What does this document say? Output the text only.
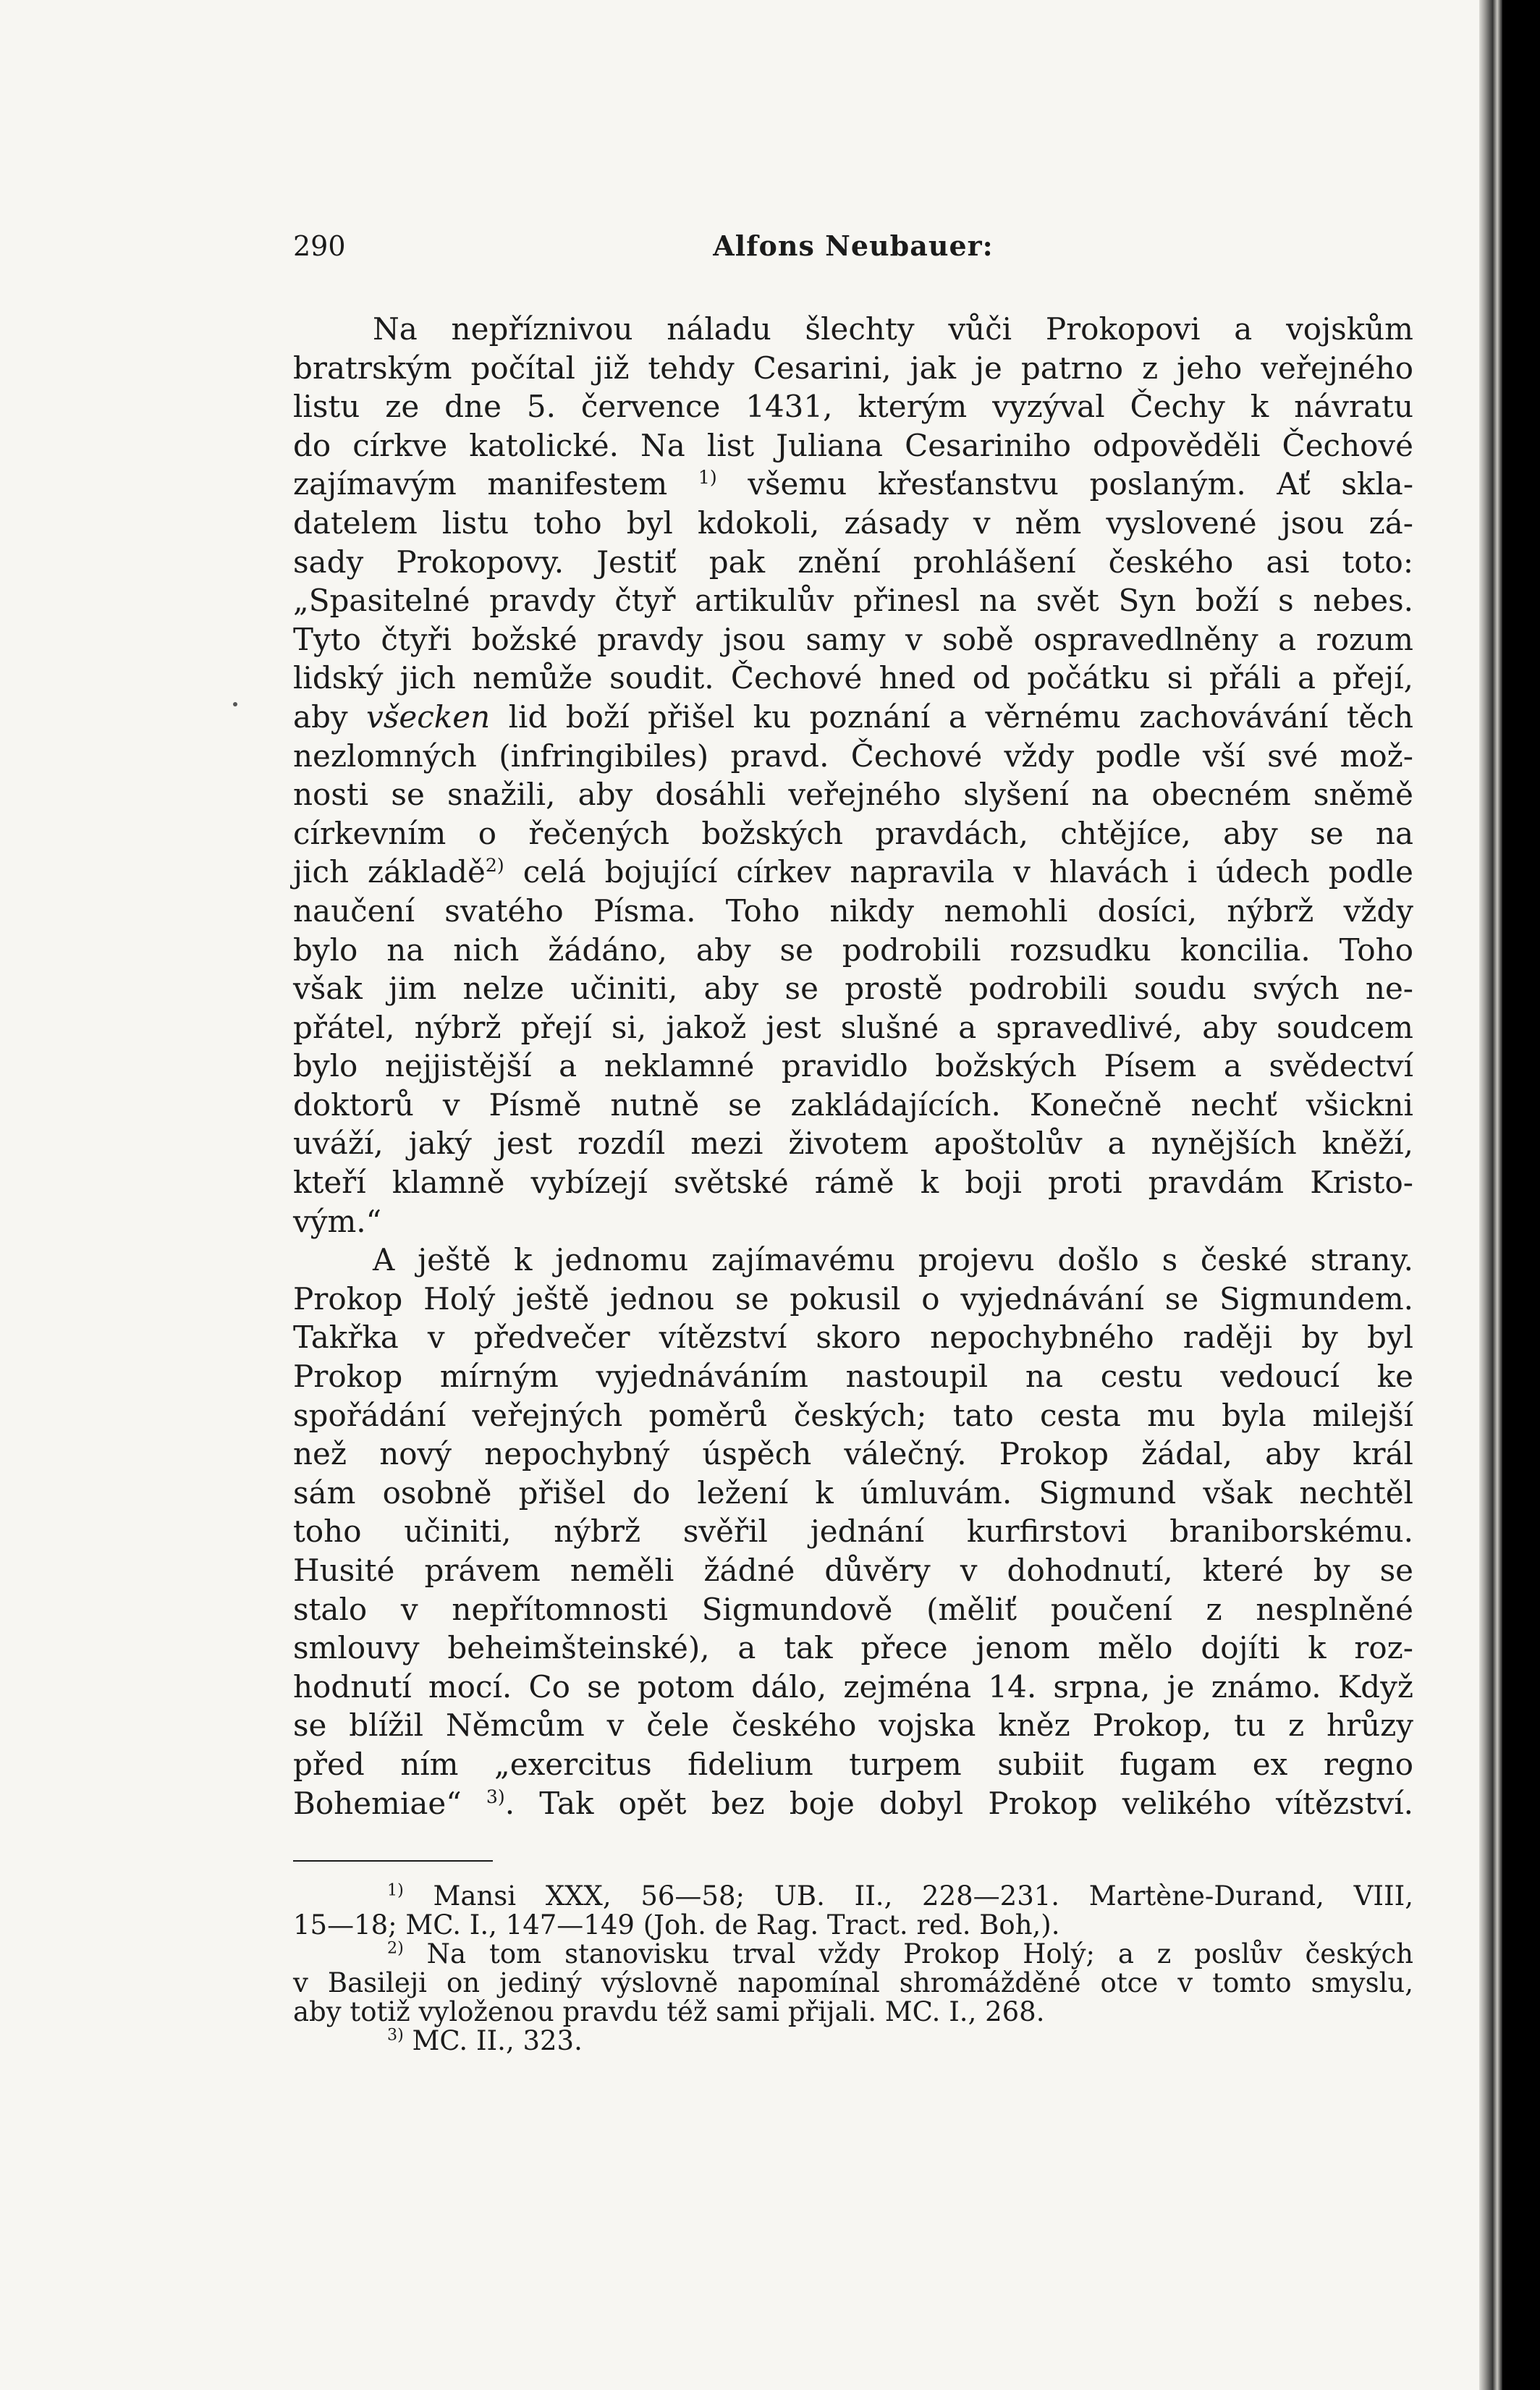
290	Alfons Neubauer:
Na nepříznivou náladu šlechty vůči Prokopovi a vojskům
bratrským počítal již tehdy Cesarini, jak je patrno z jeho veřejného
listu ze dne 5. července 1431, kterým vyzýval Čechy k návratu
do církve katolické. Na list Juliana Cesariniho odpověděli Čechové
zajímavým manifestem $^{1)}$ všemu křesťanstvu poslaným. Ať skla-
datelem listu toho byl kdokoli, zásady v něm vyslovené jsou zá-
sady Prokopovy. Jestiť pak znění prohlášení českého asi toto:
„Spasitelné pravdy čtyř artikulův přinesl na svět Syn boží s nebes.
Tyto čtyři božské pravdy jsou samy v sobě ospravedlněny a rozum
lidský jich nemůže soudit. Čechové hned od počátku si přáli a přejí,
aby všecken lid boží přišel ku poznání a věrnému zachovávání těch
nezlomných (infringibiles) pravd. Čechové vždy podle vší své mož-
nosti se snažili, aby dosáhli veřejného slyšení na obecném sněmě
církevním o řečených božských pravdách, chtějíce, aby se na
jich základě$^{2)}$ celá bojující církev napravila v hlavách i údech podle
naučení svatého Písma. Toho nikdy nemohli dosíci, nýbrž vždy
bylo na nich žádáno, aby se podrobili rozsudku koncilia. Toho
však jim nelze učiniti, aby se prostě podrobili soudu svých ne-
přátel, nýbrž přejí si, jakož jest slušné a spravedlivé, aby soudcem
bylo nejjistější a neklamné pravidlo božských Písem a svědectví
doktorů v Písmě nutně se zakládajících. Konečně nechť všickni
uváží, jaký jest rozdíl mezi životem apoštolův a nynějších kněží,
kteří klamně vybízejí světské rámě k boji proti pravdám Kristo-
vým.“
A ještě k jednomu zajímavému projevu došlo s české strany.
Prokop Holý ještě jednou se pokusil o vyjednávání se Sigmundem.
Takřka v předvečer vítězství skoro nepochybného raději by byl
Prokop mírným vyjednáváním nastoupil na cestu vedoucí ke
spořádání veřejných poměrů českých; tato cesta mu byla milejší
než nový nepochybný úspěch válečný. Prokop žádal, aby král
sám osobně přišel do ležení k úmluvám. Sigmund však nechtěl
toho učiniti, nýbrž svěřil jednání kurfirstovi braniborskému.
Husité právem neměli žádné důvěry v dohodnutí, které by se
stalo v nepřítomnosti Sigmundově (měliť poučení z nesplněné
smlouvy beheimšteinské), a tak přece jenom mělo dojíti k roz-
hodnutí mocí. Co se potom dálo, zejména 14. srpna, je známo. Když
se blížil Němcům v čele českého vojska kněz Prokop, tu z hrůzy
před ním „exercitus fidelium turpem subiit fugam ex regno
Bohemiae“ $^{3)}$. Tak opět bez boje dobyl Prokop velikého vítězství.
$^{1)}$ Mansi XXX, 56—58; UB. II., 228—231. Martène-Durand, VIII,
15—18; MC. I., 147—149 (Joh. de Rag. Tract. red. Boh,).
$^{2)}$ Na tom stanovisku trval vždy Prokop Holý; a z poslův českých
v Basileji on jediný výslovně napomínal shromážděné otce v tomto smyslu,
aby totiž vyloženou pravdu též sami přijali. MC. I., 268.
$^{3)}$ MC. II., 323.
